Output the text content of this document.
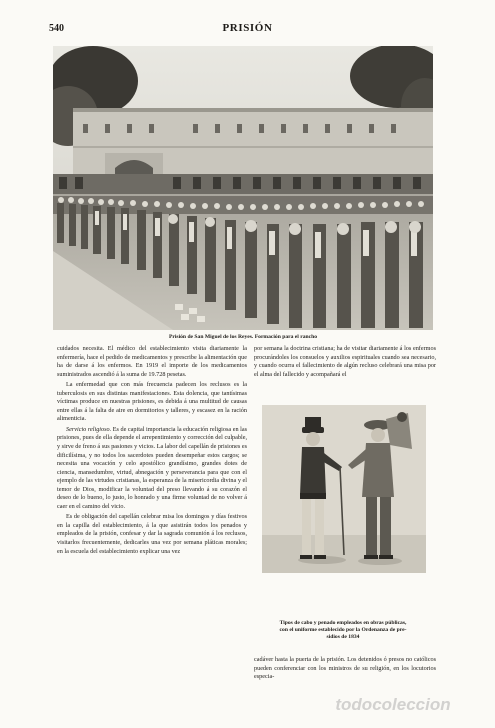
540	PRISIÓN
Prisión de San Miguel de los Reyes. Formación para el rancho

cuidados necesita. El médico del establecimiento visita diariamente la enfermería, hace el pedido de medicamentos y prescribe la alimentación que ha de darse á los enfermos. En 1919 el importe de los medicamentos suministrados ascendió á la suma de 19.728 pesetas.

La enfermedad que con más frecuencia padecen los reclusos es la tuberculosis en sus distintas manifestaciones. Esta dolencia, que tantísimas víctimas produce en nuestras prisiones, es debida á una multitud de causas entre ellas á la falta de aire en dormitorios y talleres, y escasez en la ración alimenticia.

Servicio religioso. Es de capital importancia la educación religiosa en las prisiones, pues de ella depende el arrepentimiento y corrección del culpable, y sirve de freno á sus pasiones y vicios. La labor del capellán de prisiones es dificilísima, y no todos los sacerdotes pueden desempeñar estos cargos; se necesita una vocación y celo apostólico grandísimo, grandes dotes de ciencia, mansedumbre, virtud, abnegación y perseverancia para que con el ejemplo de las virtudes cristianas, la esperanza de la misericordia divina y el temor de Dios, modificar la voluntad del preso llevando á su corazón el deseo de lo bueno, lo justo, lo honrado y una firme voluntad de no volver á caer en el camino del vicio.

Es de obligación del capellán celebrar misa los domingos y días festivos en la capilla del establecimiento, á la que asistirán todos los penados y empleados de la prisión, confesar y dar la sagrada comunión á los reclusos, visitarlos frecuentemente, dedicarles una vez por semana pláticas morales; en la escuela del establecimiento explicar una vez

por semana la doctrina cristiana; ha de visitar diariamente á los enfermos procurándoles los consuelos y auxilios espirituales cuando sea necesario, y cuando ocurra el fallecimiento de algún recluso celebrará una misa por el alma del fallecido y acompañará el

Tipos de cabo y penado empleados en obras públicas,
con el uniforme establecido por la Ordenanza de pre-
sidios de 1834

cadáver hasta la puerta de la prisión. Los detenidos ó presos no católicos pueden conferenciar con los ministros de su religión, en los locutorios especia-

todocoleccion
